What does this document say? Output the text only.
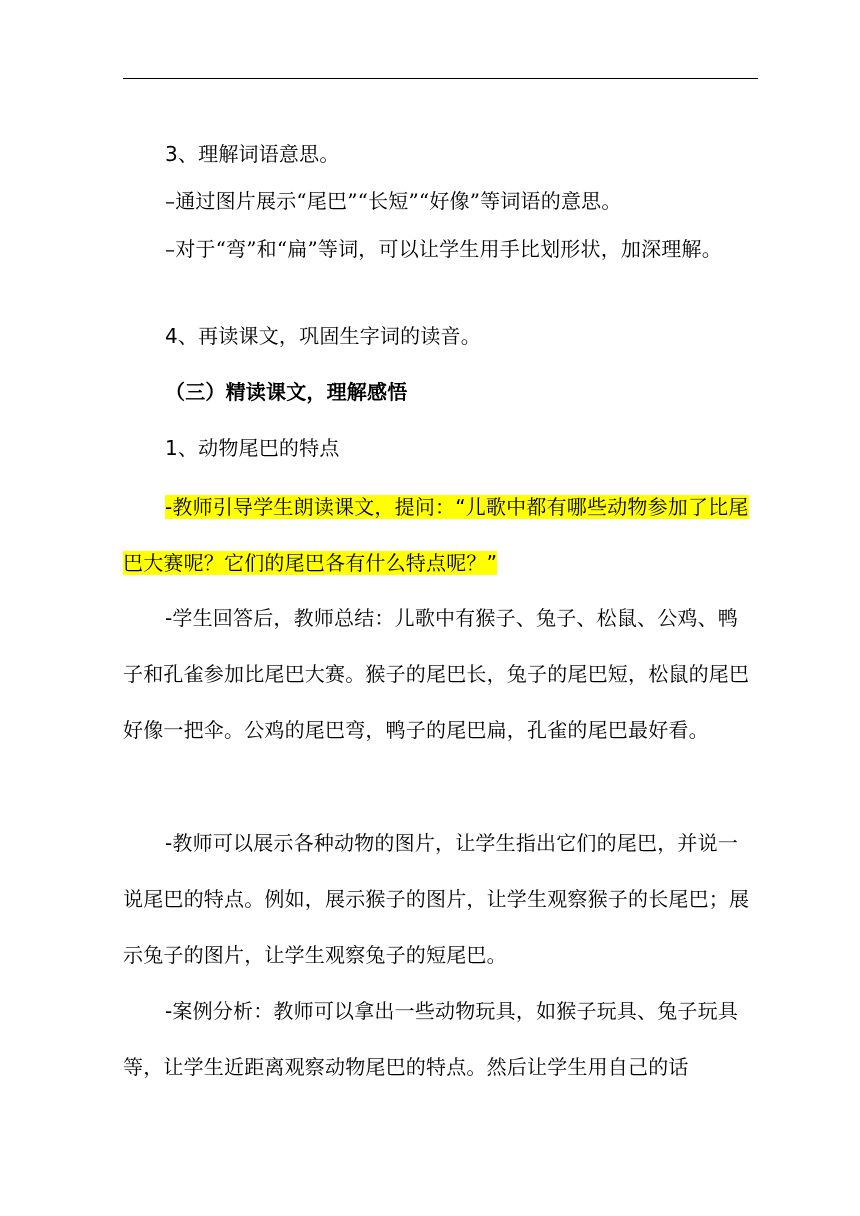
3、理解词语意思。

–通过图片展示“尾巴”“长短”“好像”等词语的意思。

–对于“弯”和“扁”等词，可以让学生用手比划形状，加深理解。

4、再读课文，巩固生字词的读音。

（三）精读课文，理解感悟

1、动物尾巴的特点

-教师引导学生朗读课文，提问：“儿歌中都有哪些动物参加了比尾巴大赛呢？它们的尾巴各有什么特点呢？”

-学生回答后，教师总结：儿歌中有猴子、兔子、松鼠、公鸡、鸭子和孔雀参加比尾巴大赛。猴子的尾巴长，兔子的尾巴短，松鼠的尾巴好像一把伞。公鸡的尾巴弯，鸭子的尾巴扁，孔雀的尾巴最好看。

-教师可以展示各种动物的图片，让学生指出它们的尾巴，并说一说尾巴的特点。例如，展示猴子的图片，让学生观察猴子的长尾巴；展示兔子的图片，让学生观察兔子的短尾巴。

-案例分析：教师可以拿出一些动物玩具，如猴子玩具、兔子玩具等，让学生近距离观察动物尾巴的特点。然后让学生用自己的话
